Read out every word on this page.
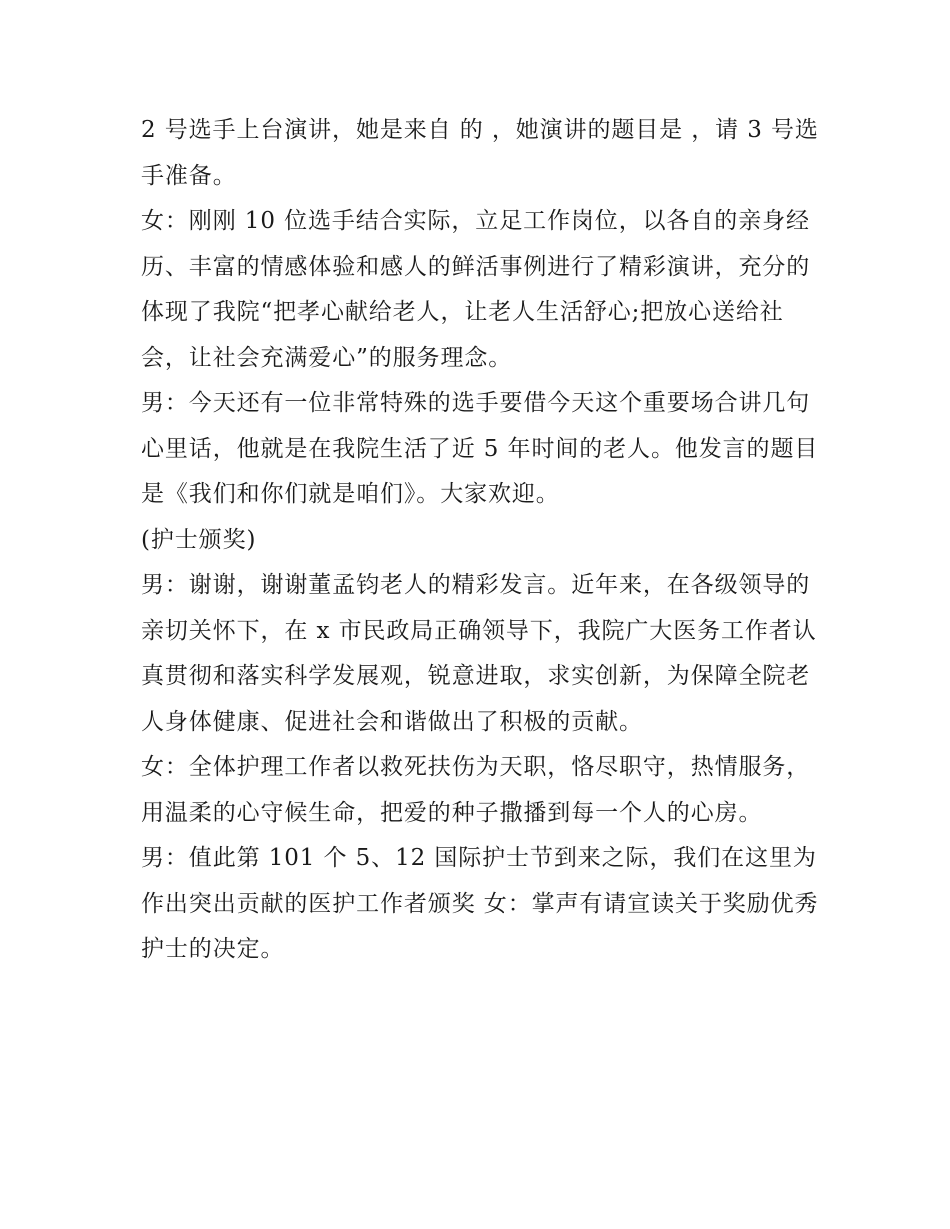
2 号选手上台演讲，她是来自 的 ，她演讲的题目是 ，请 3 号选手准备。

女：刚刚 10 位选手结合实际，立足工作岗位，以各自的亲身经历、丰富的情感体验和感人的鲜活事例进行了精彩演讲，充分的体现了我院“把孝心献给老人，让老人生活舒心;把放心送给社会，让社会充满爱心”的服务理念。

男：今天还有一位非常特殊的选手要借今天这个重要场合讲几句心里话，他就是在我院生活了近 5 年时间的老人。他发言的题目是《我们和你们就是咱们》。大家欢迎。

(护士颁奖)

男：谢谢，谢谢董孟钧老人的精彩发言。近年来，在各级领导的亲切关怀下，在 x 市民政局正确领导下，我院广大医务工作者认真贯彻和落实科学发展观，锐意进取，求实创新，为保障全院老人身体健康、促进社会和谐做出了积极的贡献。

女：全体护理工作者以救死扶伤为天职，恪尽职守，热情服务，用温柔的心守候生命，把爱的种子撒播到每一个人的心房。

男：值此第 101 个 5、12 国际护士节到来之际，我们在这里为作出突出贡献的医护工作者颁奖 女：掌声有请宣读关于奖励优秀护士的决定。
